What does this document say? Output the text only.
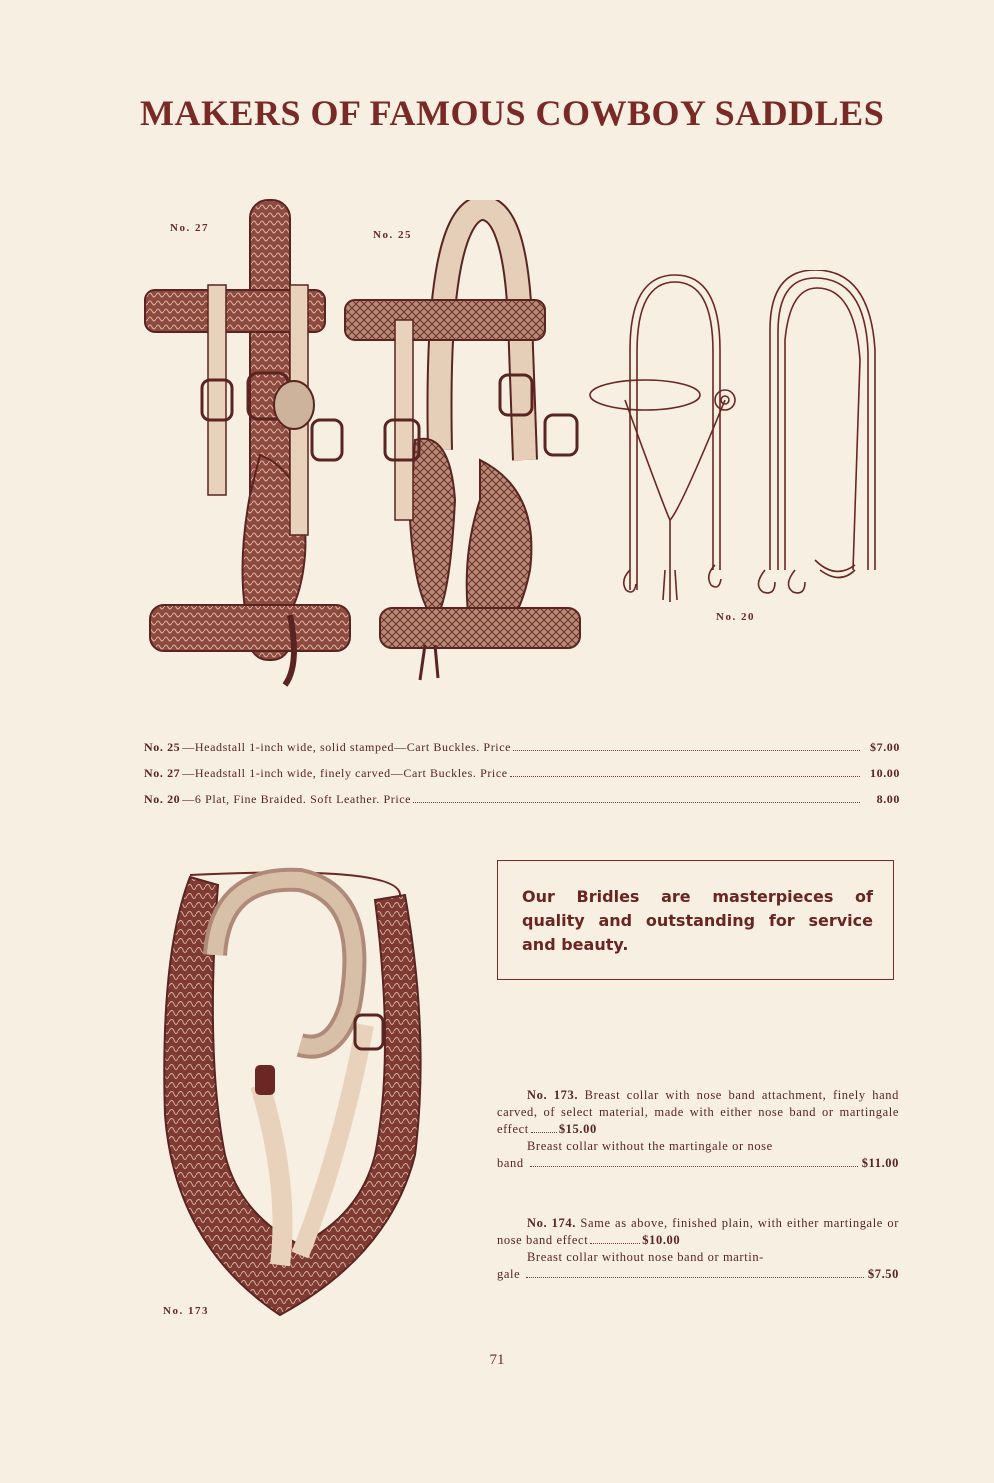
MAKERS OF FAMOUS COWBOY SADDLES
No. 27
No. 25
No. 20
No. 25 —Headstall 1-inch wide, solid stamped—Cart Buckles. Price	$7.00
No. 27 —Headstall 1-inch wide, finely carved—Cart Buckles. Price	10.00
No. 20 —6 Plat, Fine Braided. Soft Leather. Price	8.00
No. 173
Our Bridles are masterpieces of quality and outstanding for service and beauty.

No. 173. Breast collar with nose band attachment, finely hand carved, of select material, made with either nose band or martingale effect $15.00

Breast collar without the martingale or nose

band	$11.00

No. 174. Same as above, finished plain, with either martingale or nose band effect	$10.00

Breast collar without nose band or martin-

gale	$7.50
71
